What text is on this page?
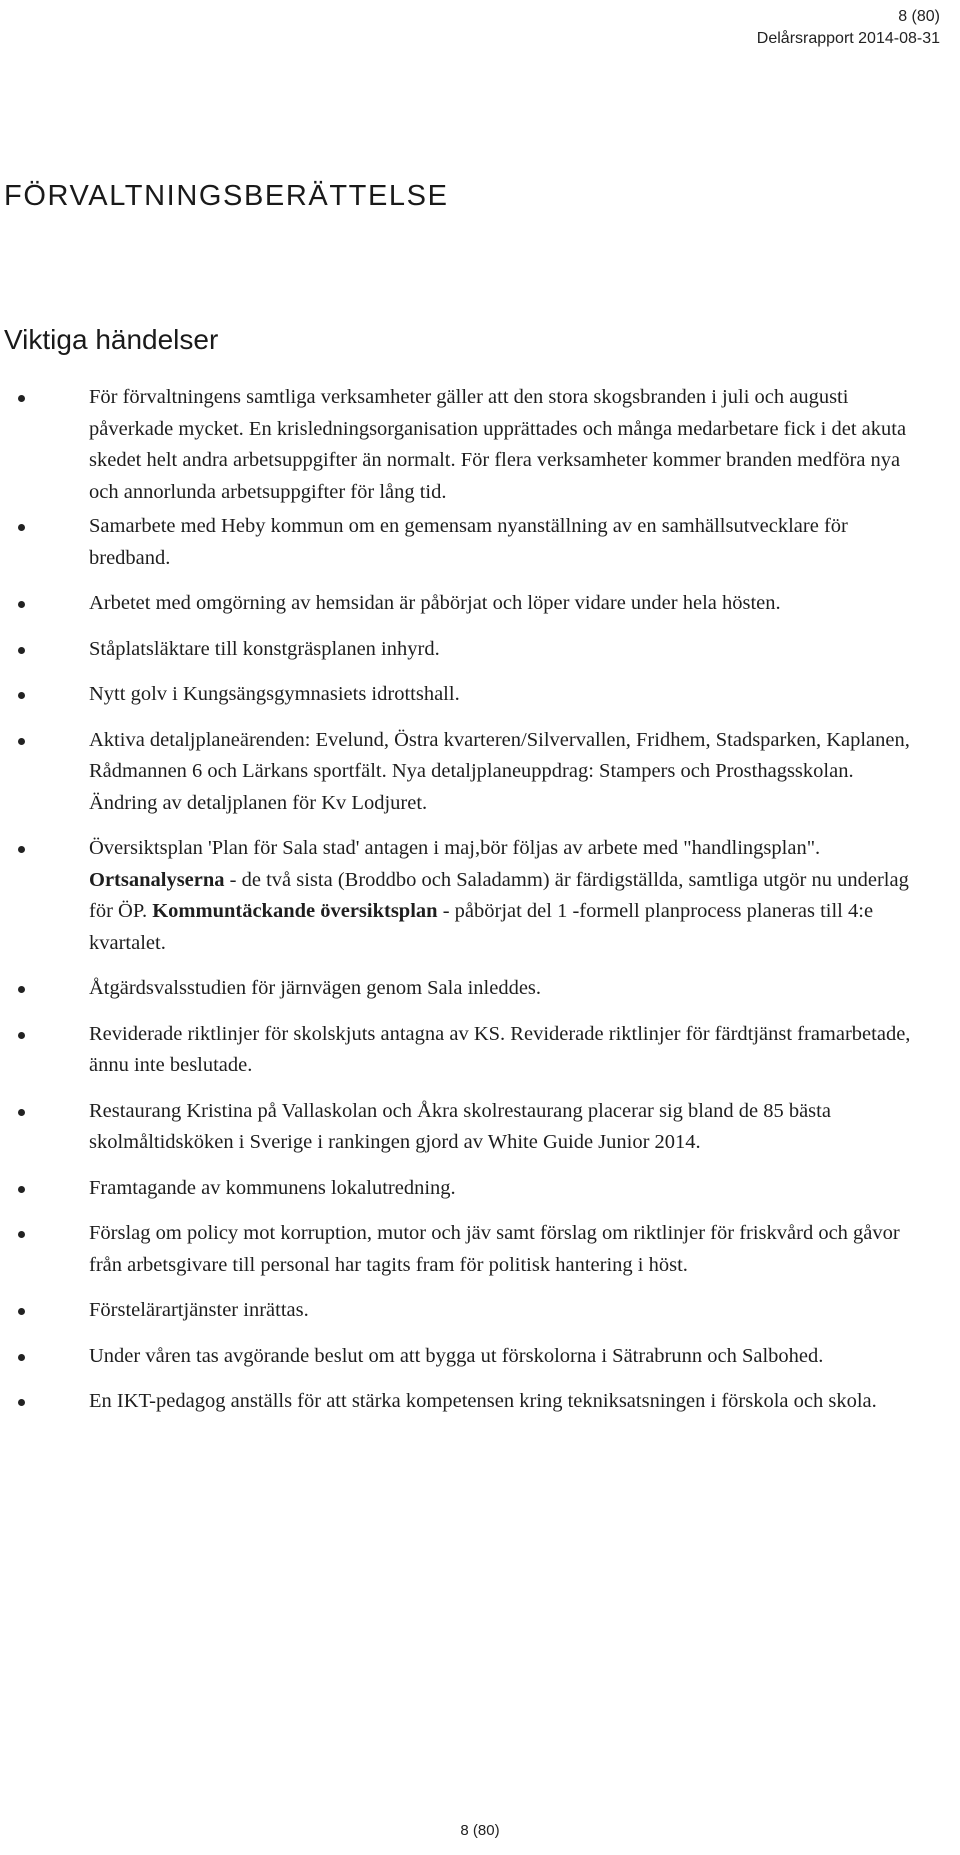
8 (80)
Delårsrapport 2014-08-31
FÖRVALTNINGSBERÄTTELSE
Viktiga händelser
För förvaltningens samtliga verksamheter gäller att den stora skogsbranden i juli och augusti påverkade mycket. En krisledningsorganisation upprättades och många medarbetare fick i det akuta skedet helt andra arbetsuppgifter än normalt. För flera verksamheter kommer branden medföra nya och annorlunda arbetsuppgifter för lång tid.
Samarbete med Heby kommun om en gemensam nyanställning av en samhällsutvecklare för bredband.
Arbetet med omgörning av hemsidan är påbörjat och löper vidare under hela hösten.
Ståplatsläktare till konstgräsplanen inhyrd.
Nytt golv i Kungsängsgymnasiets idrottshall.
Aktiva detaljplaneärenden: Evelund, Östra kvarteren/Silvervallen, Fridhem, Stadsparken, Kaplanen, Rådmannen 6 och Lärkans sportfält. Nya detaljplaneuppdrag: Stampers och Prosthagsskolan. Ändring av detaljplanen för Kv Lodjuret.
Översiktsplan 'Plan för Sala stad' antagen i maj,bör följas av arbete med "handlingsplan". Ortsanalyserna - de två sista (Broddbo och Saladamm) är färdigställda, samtliga utgör nu underlag för ÖP. Kommuntäckande översiktsplan - påbörjat del 1 -formell planprocess planeras till 4:e kvartalet.
Åtgärdsvalsstudien för järnvägen genom Sala inleddes.
Reviderade riktlinjer för skolskjuts antagna av KS. Reviderade riktlinjer för färdtjänst framarbetade, ännu inte beslutade.
Restaurang Kristina på Vallaskolan och Åkra skolrestaurang placerar sig bland de 85 bästa skolmåltidsköken i Sverige i rankingen gjord av White Guide Junior 2014.
Framtagande av kommunens lokalutredning.
Förslag om policy mot korruption, mutor och jäv samt förslag om riktlinjer för friskvård och gåvor från arbetsgivare till personal har tagits fram för politisk hantering i höst.
Förstelärartjänster inrättas.
Under våren tas avgörande beslut om att bygga ut förskolorna i Sätrabrunn och Salbohed.
En IKT-pedagog anställs för att stärka kompetensen kring tekniksatsningen i förskola och skola.
8 (80)
